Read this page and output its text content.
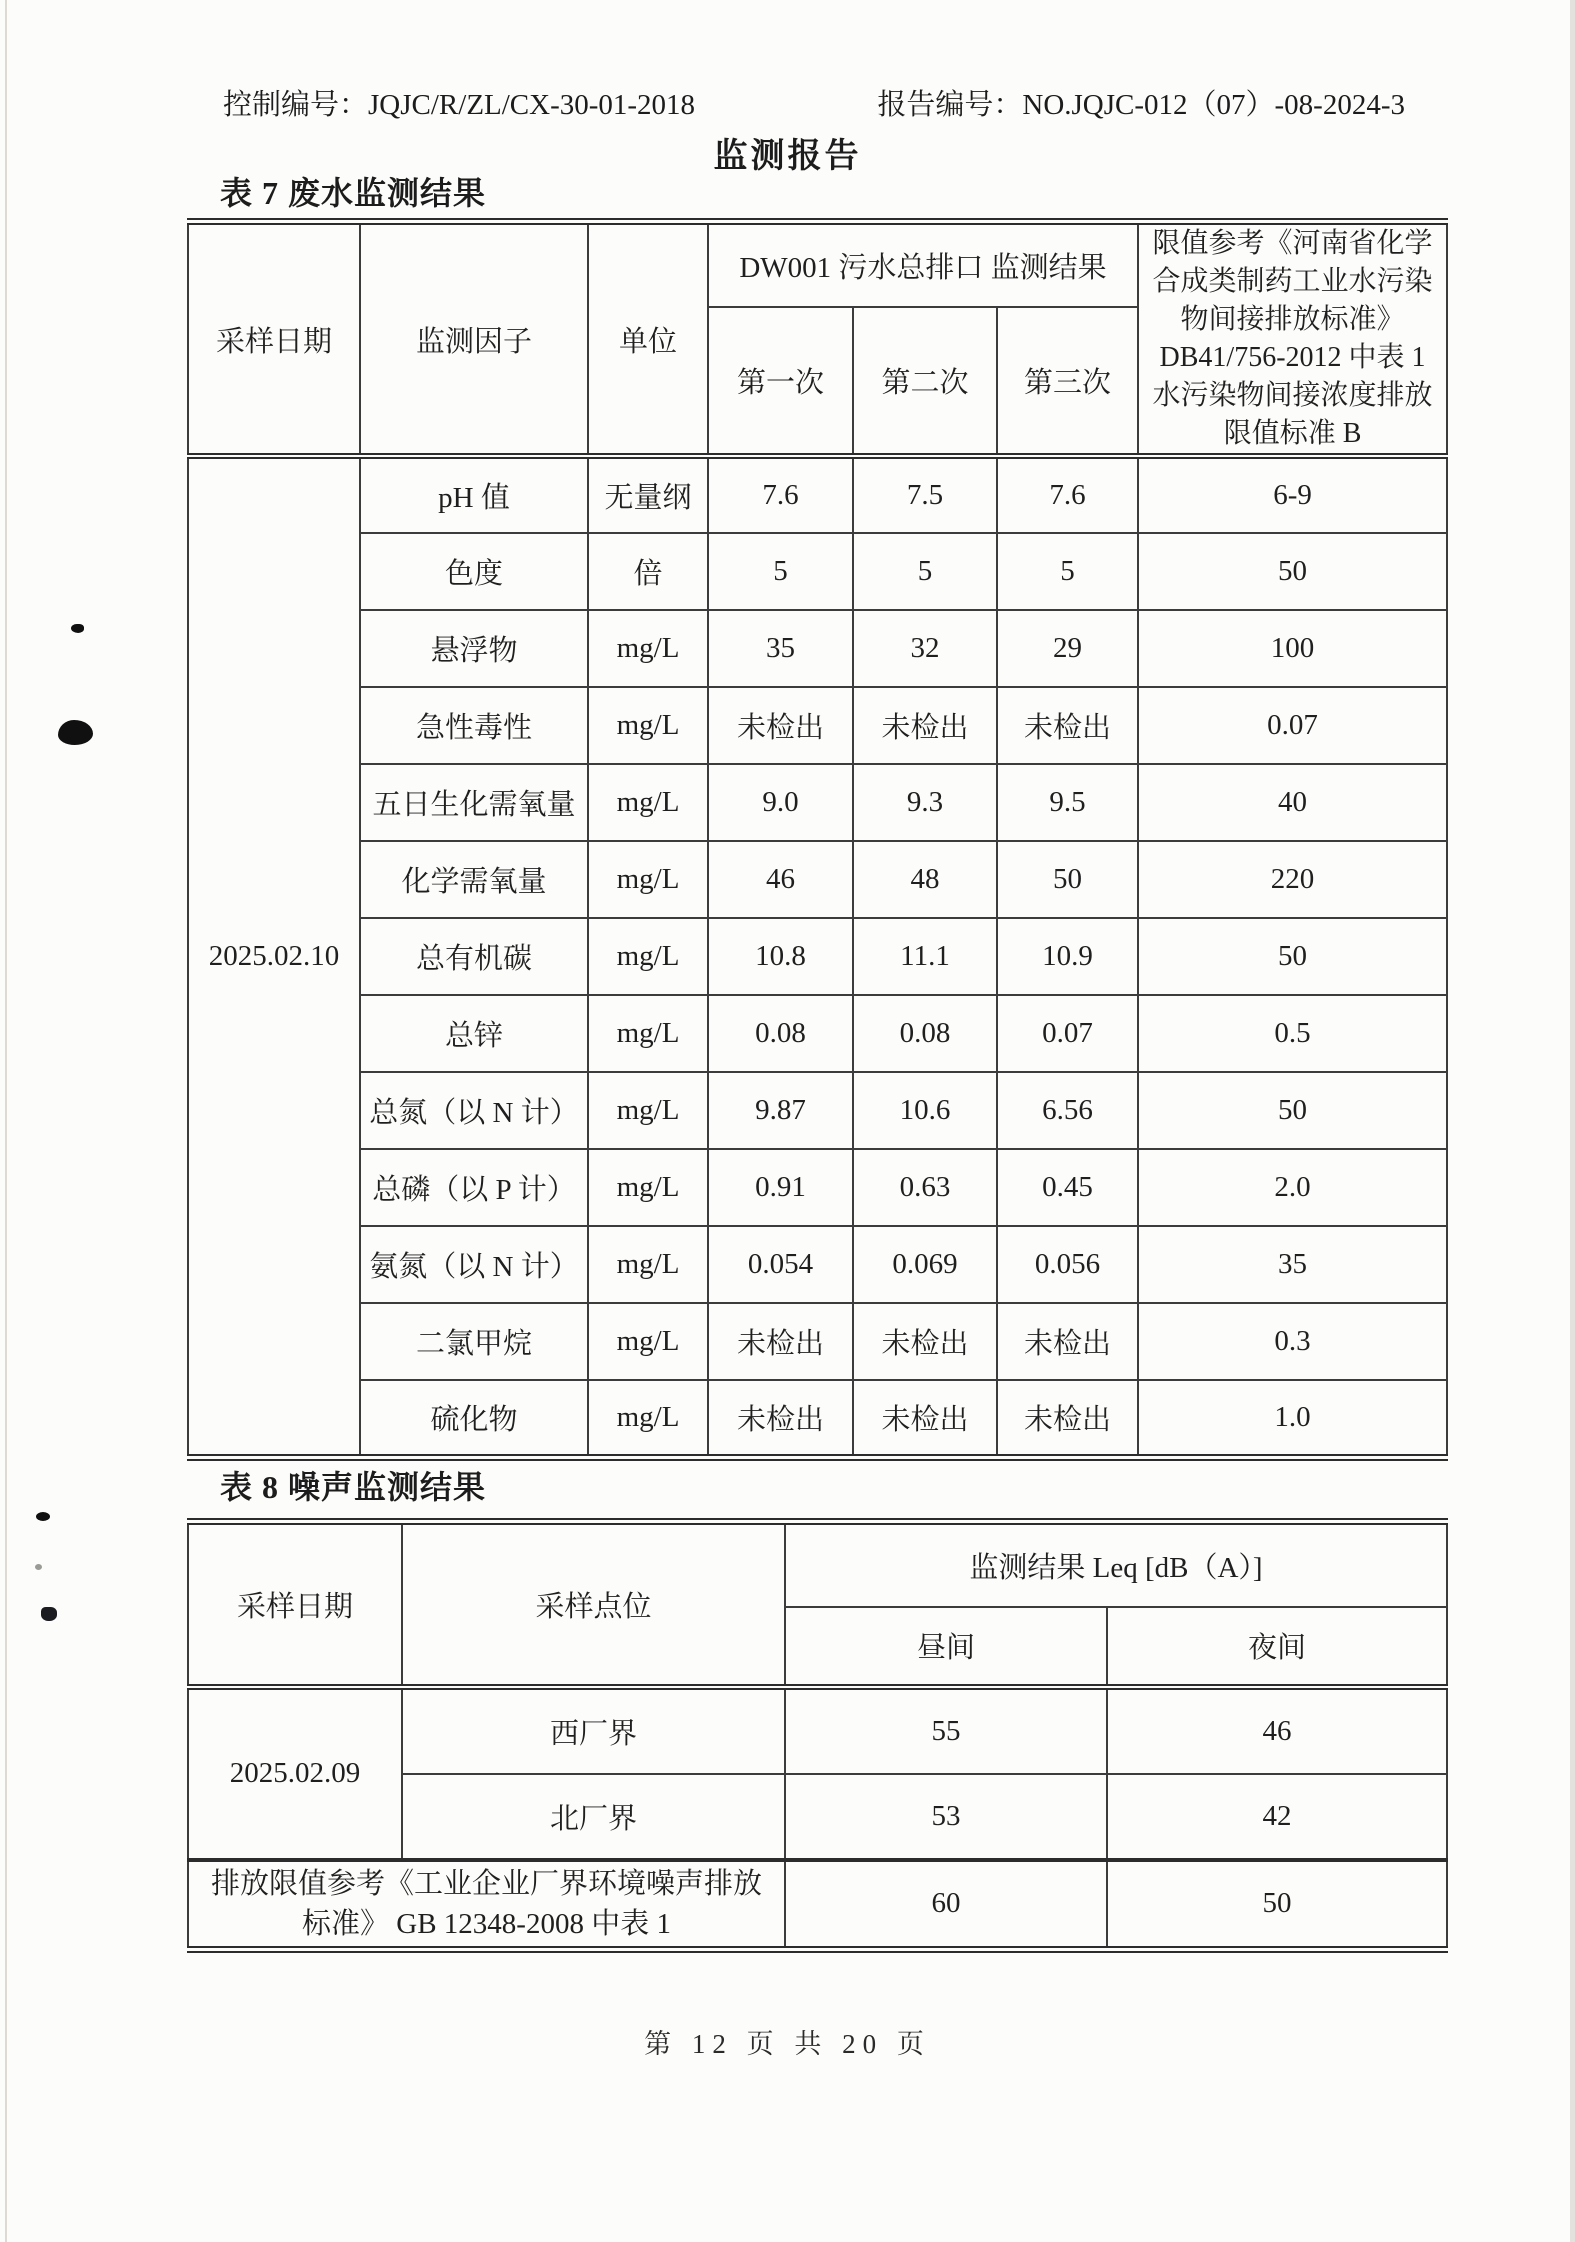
控制编号：JQJC/R/ZL/CX-30-01-2018	报告编号：NO.JQJC-012（07）-08-2024-3
监测报告
表 7 废水监测结果
采样日期	监测因子	单位	DW001 污水总排口 监测结果			限值参考《河南省化学合成类制药工业水污染物间接排放标准》DB41/756-2012 中表 1 水污染物间接浓度排放限值标准 B
			第一次	第二次	第三次	
2025.02.10	pH 值	无量纲	7.6	7.5	7.6	6-9
	色度	倍	5	5	5	50
	悬浮物	mg/L	35	32	29	100
	急性毒性	mg/L	未检出	未检出	未检出	0.07
	五日生化需氧量	mg/L	9.0	9.3	9.5	40
	化学需氧量	mg/L	46	48	50	220
	总有机碳	mg/L	10.8	11.1	10.9	50
	总锌	mg/L	0.08	0.08	0.07	0.5
	总氮（以 N 计）	mg/L	9.87	10.6	6.56	50
	总磷（以 P 计）	mg/L	0.91	0.63	0.45	2.0
	氨氮（以 N 计）	mg/L	0.054	0.069	0.056	35
	二氯甲烷	mg/L	未检出	未检出	未检出	0.3
	硫化物	mg/L	未检出	未检出	未检出	1.0
表 8 噪声监测结果
采样日期	采样点位	监测结果 Leq [dB（A）]	
		昼间	夜间
2025.02.09	西厂界	55	46
	北厂界	53	42
排放限值参考《工业企业厂界环境噪声排放标准》 GB 12348-2008 中表 1		60	50
第 12 页 共 20 页
